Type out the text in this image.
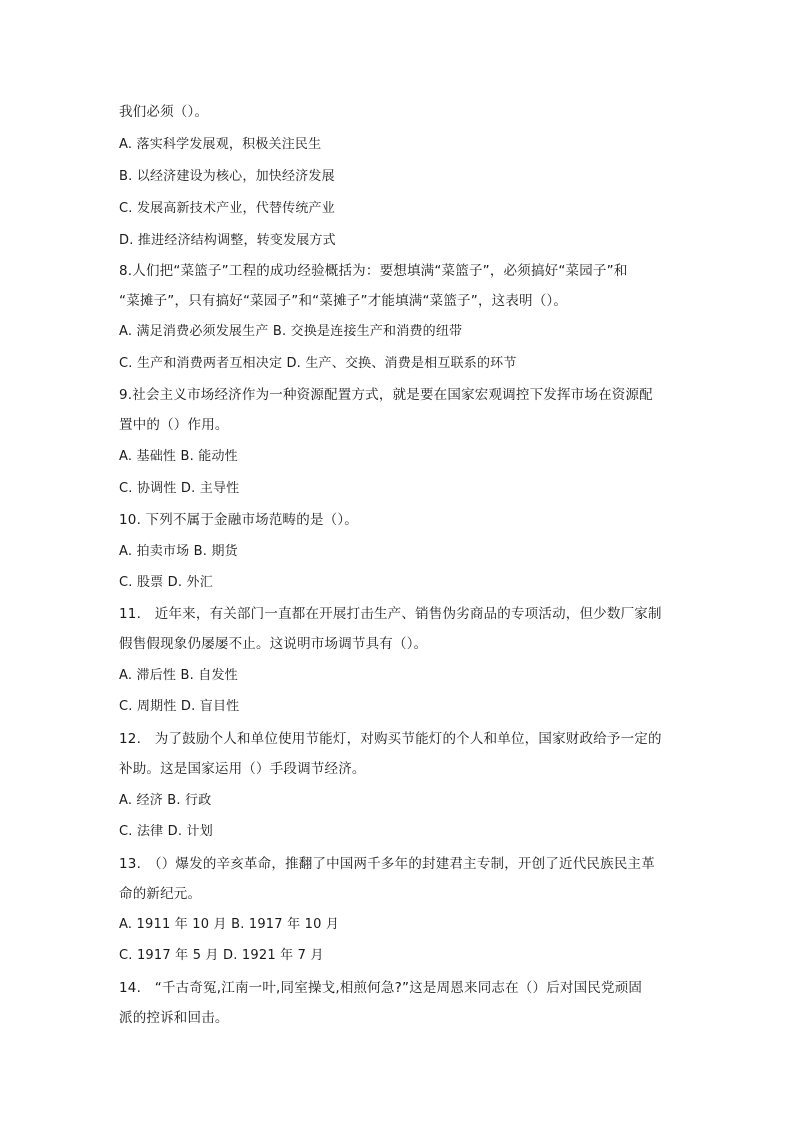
我们必须（）。
A. 落实科学发展观，积极关注民生
B. 以经济建设为核心，加快经济发展
C. 发展高新技术产业，代替传统产业
D. 推进经济结构调整，转变发展方式
8.人们把“菜篮子”工程的成功经验概括为：要想填满“菜篮子”，必须搞好“菜园子”和
“菜摊子”，只有搞好“菜园子”和“菜摊子”才能填满“菜篮子”，这表明（）。
A. 满足消费必须发展生产 B. 交换是连接生产和消费的纽带
C. 生产和消费两者互相决定 D. 生产、交换、消费是相互联系的环节
9.社会主义市场经济作为一种资源配置方式，就是要在国家宏观调控下发挥市场在资源配
置中的（）作用。
A. 基础性 B. 能动性
C. 协调性 D. 主导性
10. 下列不属于金融市场范畴的是（）。
A. 拍卖市场 B. 期货
C. 股票 D. 外汇
11.　近年来，有关部门一直都在开展打击生产、销售伪劣商品的专项活动，但少数厂家制
假售假现象仍屡屡不止。这说明市场调节具有（）。
A. 滞后性 B. 自发性
C. 周期性 D. 盲目性
12.　为了鼓励个人和单位使用节能灯，对购买节能灯的个人和单位，国家财政给予一定的
补助。这是国家运用（）手段调节经济。
A. 经济 B. 行政
C. 法律 D. 计划
13.　（）爆发的辛亥革命，推翻了中国两千多年的封建君主专制，开创了近代民族民主革
命的新纪元。
A. 1911 年 10 月 B. 1917 年 10 月
C. 1917 年 5 月 D. 1921 年 7 月
14.　“千古奇冤,江南一叶,同室操戈,相煎何急?”这是周恩来同志在（）后对国民党顽固
派的控诉和回击。
